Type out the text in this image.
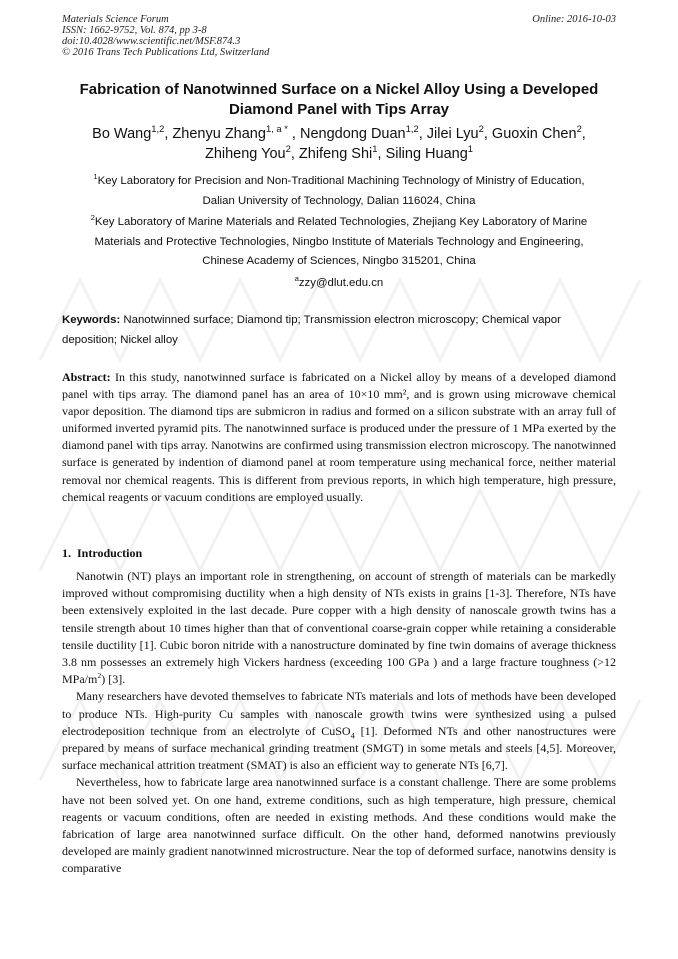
Materials Science Forum
ISSN: 1662-9752, Vol. 874, pp 3-8
doi:10.4028/www.scientific.net/MSF.874.3
© 2016 Trans Tech Publications Ltd, Switzerland
Online: 2016-10-03
Fabrication of Nanotwinned Surface on a Nickel Alloy Using a Developed
Diamond Panel with Tips Array
Bo Wang$^{1,2}$, Zhenyu Zhang$^{1, a *}$ , Nengdong Duan$^{1,2}$, Jilei Lyu$^2$, Guoxin Chen$^2$,
Zhiheng You$^2$, Zhifeng Shi$^1$, Siling Huang$^1$
$^1$Key Laboratory for Precision and Non-Traditional Machining Technology of Ministry of Education,
Dalian University of Technology, Dalian 116024, China
$^2$Key Laboratory of Marine Materials and Related Technologies, Zhejiang Key Laboratory of Marine
Materials and Protective Technologies, Ningbo Institute of Materials Technology and Engineering,
Chinese Academy of Sciences, Ningbo 315201, China
$^a$zzy@dlut.edu.cn
Keywords: Nanotwinned surface; Diamond tip; Transmission electron microscopy; Chemical vapor deposition; Nickel alloy
Abstract: In this study, nanotwinned surface is fabricated on a Nickel alloy by means of a developed diamond panel with tips array. The diamond panel has an area of 10×10 mm², and is grown using microwave chemical vapor deposition. The diamond tips are submicron in radius and formed on a silicon substrate with an array full of uniformed inverted pyramid pits. The nanotwinned surface is produced under the pressure of 1 MPa exerted by the diamond panel with tips array. Nanotwins are confirmed using transmission electron microscopy. The nanotwinned surface is generated by indention of diamond panel at room temperature using mechanical force, neither material removal nor chemical reagents. This is different from previous reports, in which high temperature, high pressure, chemical reagents or vacuum conditions are employed usually.
1. Introduction

Nanotwin (NT) plays an important role in strengthening, on account of strength of materials can be markedly improved without compromising ductility when a high density of NTs exists in grains [1-3]. Therefore, NTs have been extensively exploited in the last decade. Pure copper with a high density of nanoscale growth twins has a tensile strength about 10 times higher than that of conventional coarse-grain copper while retaining a considerable tensile ductility [1]. Cubic boron nitride with a nanostructure dominated by fine twin domains of average thickness 3.8 nm possesses an extremely high Vickers hardness (exceeding 100 GPa ) and a large fracture toughness (>12 MPa/$m^2$) [3].

Many researchers have devoted themselves to fabricate NTs materials and lots of methods have been developed to produce NTs. High-purity Cu samples with nanoscale growth twins were synthesized using a pulsed electrodeposition technique from an electrolyte of CuSO$_4$ [1]. Deformed NTs and other nanostructures were prepared by means of surface mechanical grinding treatment (SMGT) in some metals and steels [4,5]. Moreover, surface mechanical attrition treatment (SMAT) is also an efficient way to generate NTs [6,7].

Nevertheless, how to fabricate large area nanotwinned surface is a constant challenge. There are some problems have not been solved yet. On one hand, extreme conditions, such as high temperature, high pressure, chemical reagents or vacuum conditions, often are needed in existing methods. And these conditions would make the fabrication of large area nanotwinned surface difficult. On the other hand, deformed nanotwins previously developed are mainly gradient nanotwinned microstructure. Near the top of deformed surface, nanotwins density is comparative
